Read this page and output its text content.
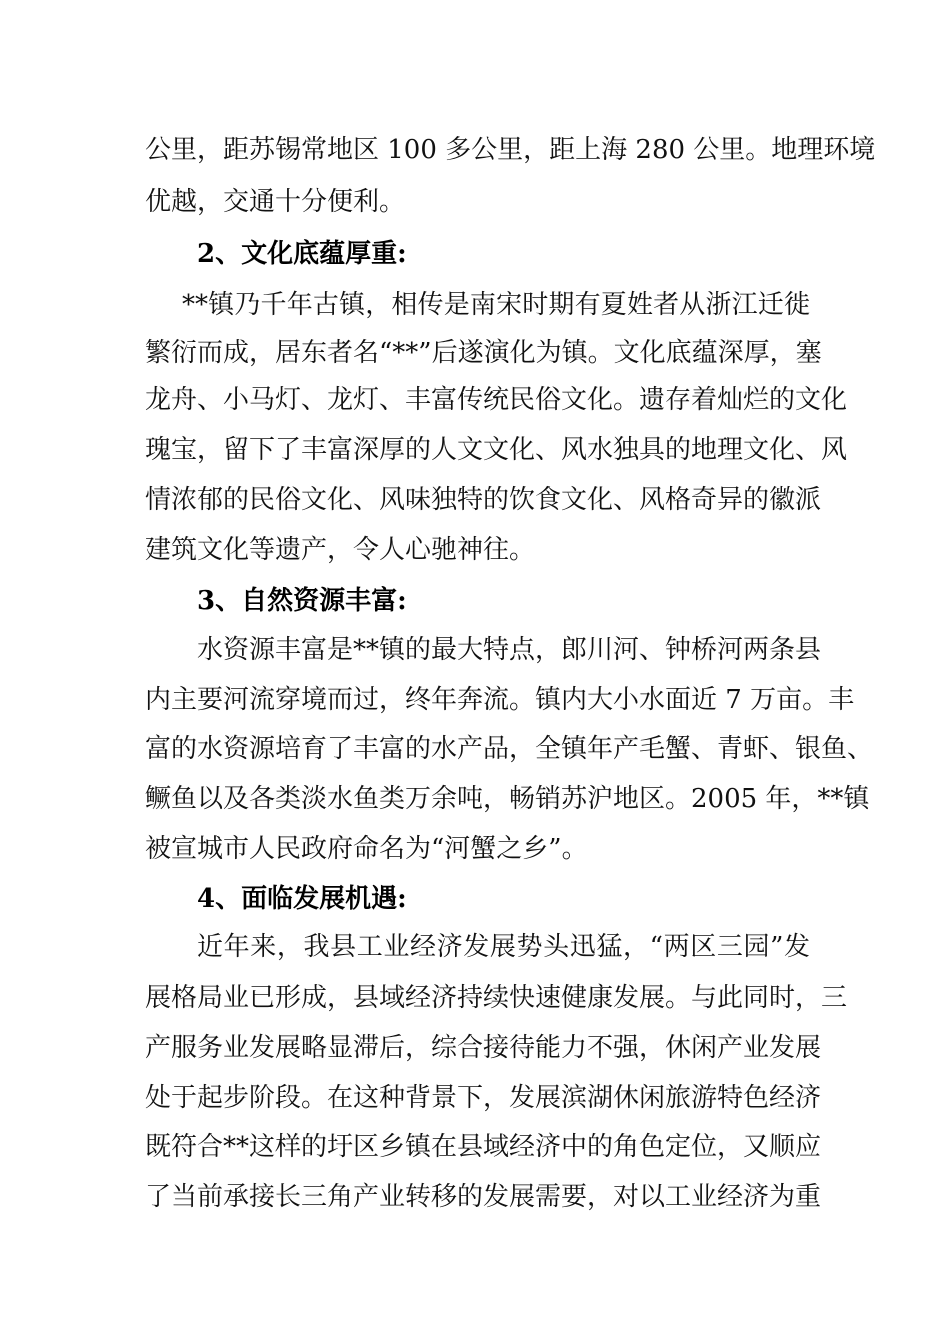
公里，距苏锡常地区 100 多公里，距上海 280 公里。地理环境
优越，交通十分便利。
2、文化底蕴厚重:
**镇乃千年古镇，相传是南宋时期有夏姓者从浙江迁徙
繁衍而成，居东者名“**”后遂演化为镇。文化底蕴深厚，塞
龙舟、小马灯、龙灯、丰富传统民俗文化。遗存着灿烂的文化
瑰宝，留下了丰富深厚的人文文化、风水独具的地理文化、风
情浓郁的民俗文化、风味独特的饮食文化、风格奇异的徽派
建筑文化等遗产，令人心驰神往。
3、自然资源丰富:
水资源丰富是**镇的最大特点，郎川河、钟桥河两条县
内主要河流穿境而过，终年奔流。镇内大小水面近 7 万亩。丰
富的水资源培育了丰富的水产品，全镇年产毛蟹、青虾、银鱼、
鳜鱼以及各类淡水鱼类万余吨，畅销苏沪地区。2005 年，**镇
被宣城市人民政府命名为“河蟹之乡”。
4、面临发展机遇:
近年来，我县工业经济发展势头迅猛，“两区三园”发
展格局业已形成，县域经济持续快速健康发展。与此同时，三
产服务业发展略显滞后，综合接待能力不强，休闲产业发展
处于起步阶段。在这种背景下，发展滨湖休闲旅游特色经济
既符合**这样的圩区乡镇在县域经济中的角色定位，又顺应
了当前承接长三角产业转移的发展需要，对以工业经济为重
